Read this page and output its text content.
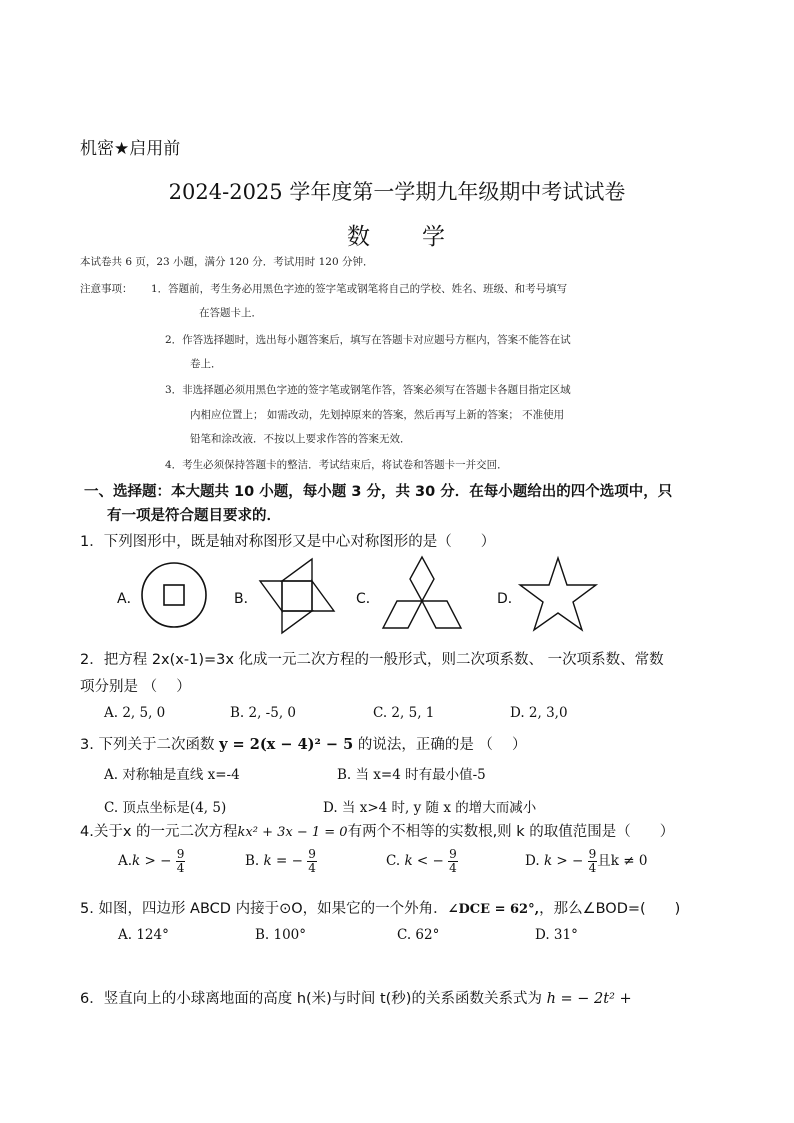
机密★启用前
2024-2025 学年度第一学期九年级期中考试试卷
数　　学
本试卷共 6 页，23 小题，满分 120 分．考试用时 120 分钟．
注意事项： 1．答题前，考生务必用黑色字迹的签字笔或钢笔将自己的学校、姓名、班级、和考号填写
在答题卡上．
2．作答选择题时，选出每小题答案后，填写在答题卡对应题号方框内，答案不能答在试
卷上．
3．非选择题必须用黑色字迹的签字笔或钢笔作答，答案必须写在答题卡各题目指定区域
内相应位置上； 如需改动，先划掉原来的答案，然后再写上新的答案； 不准使用
铅笔和涂改液．不按以上要求作答的答案无效．
4．考生必须保持答题卡的整洁．考试结束后，将试卷和答题卡一并交回．
一、选择题：本大题共 10 小题，每小题 3 分，共 30 分．在每小题给出的四个选项中，只
有一项是符合题目要求的．
1．下列图形中，既是轴对称图形又是中心对称图形的是（　　）
A．	B．	C．	D．
2．把方程 2x(x-1)=3x 化成一元二次方程的一般形式，则二次项系数、 一次项系数、常数
项分别是 （　 ）
A. 2, 5, 0	B. 2, -5, 0	C. 2, 5, 1	D. 2, 3,0
3. 下列关于二次函数 y = 2(x − 4)² − 5 的说法，正确的是 （　 ）
A. 对称轴是直线 x=-4	B. 当 x=4 时有最小值-5
C. 顶点坐标是(4, 5)	D. 当 x>4 时, y 随 x 的增大而减小
4.关于x 的一元二次方程kx² + 3x − 1 = 0有两个不相等的实数根,则 k 的取值范围是（　　）
A.k > − $\frac{9}{4}$	B. k = − $\frac{9}{4}$	C. k < − $\frac{9}{4}$	D. k > − $\frac{9}{4}$ 且k ≠ 0
5. 如图，四边形 ABCD 内接于⊙O，如果它的一个外角．∠DCE = 62°,，那么∠BOD=(　　)
A. 124°	B. 100°	C. 62°	D. 31°
6．竖直向上的小球离地面的高度 h(米)与时间 t(秒)的关系函数关系式为 h = − 2t² +
